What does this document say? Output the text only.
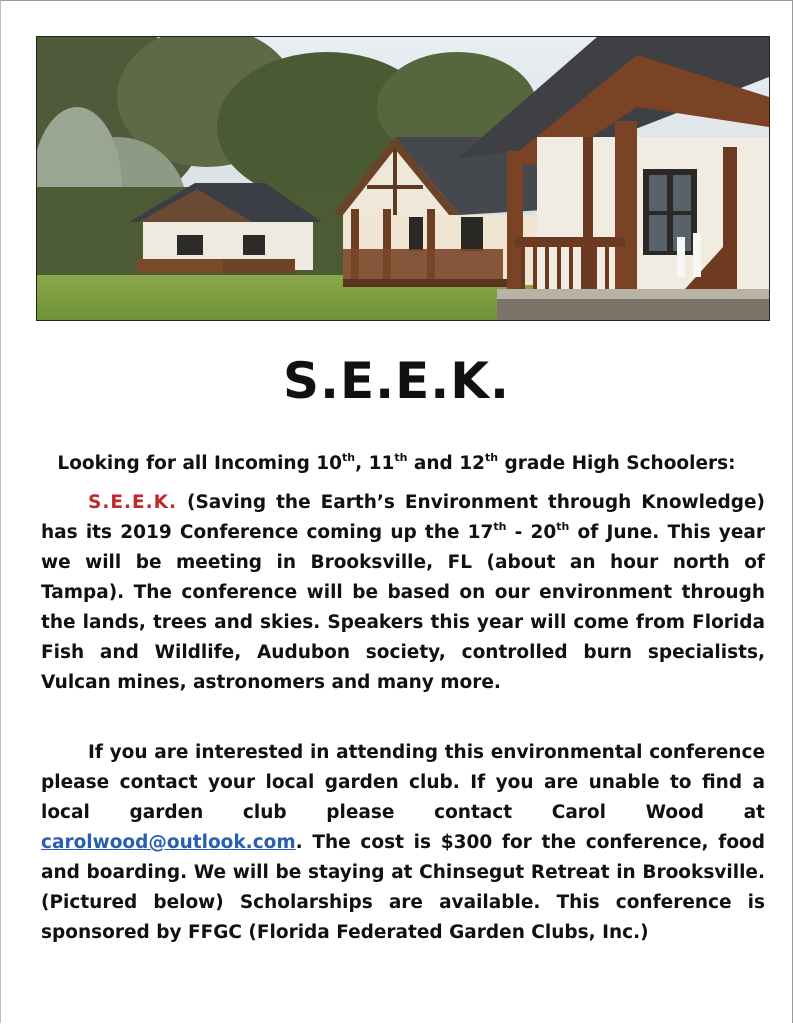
S.E.E.K.

Looking for all Incoming 10th, 11th and 12th grade High Schoolers:

S.E.E.K. (Saving the Earth’s Environment through Knowledge) has its 2019 Conference coming up the 17th - 20th of June. This year we will be meeting in Brooksville, FL (about an hour north of Tampa). The conference will be based on our environment through the lands, trees and skies. Speakers this year will come from Florida Fish and Wildlife, Audubon society, controlled burn specialists, Vulcan mines, astronomers and many more.

If you are interested in attending this environmental conference please contact your local garden club. If you are unable to find a local garden club please contact Carol Wood at carolwood@outlook.com. The cost is $300 for the conference, food and boarding. We will be staying at Chinsegut Retreat in Brooksville. (Pictured below) Scholarships are available. This conference is sponsored by FFGC (Florida Federated Garden Clubs, Inc.)
